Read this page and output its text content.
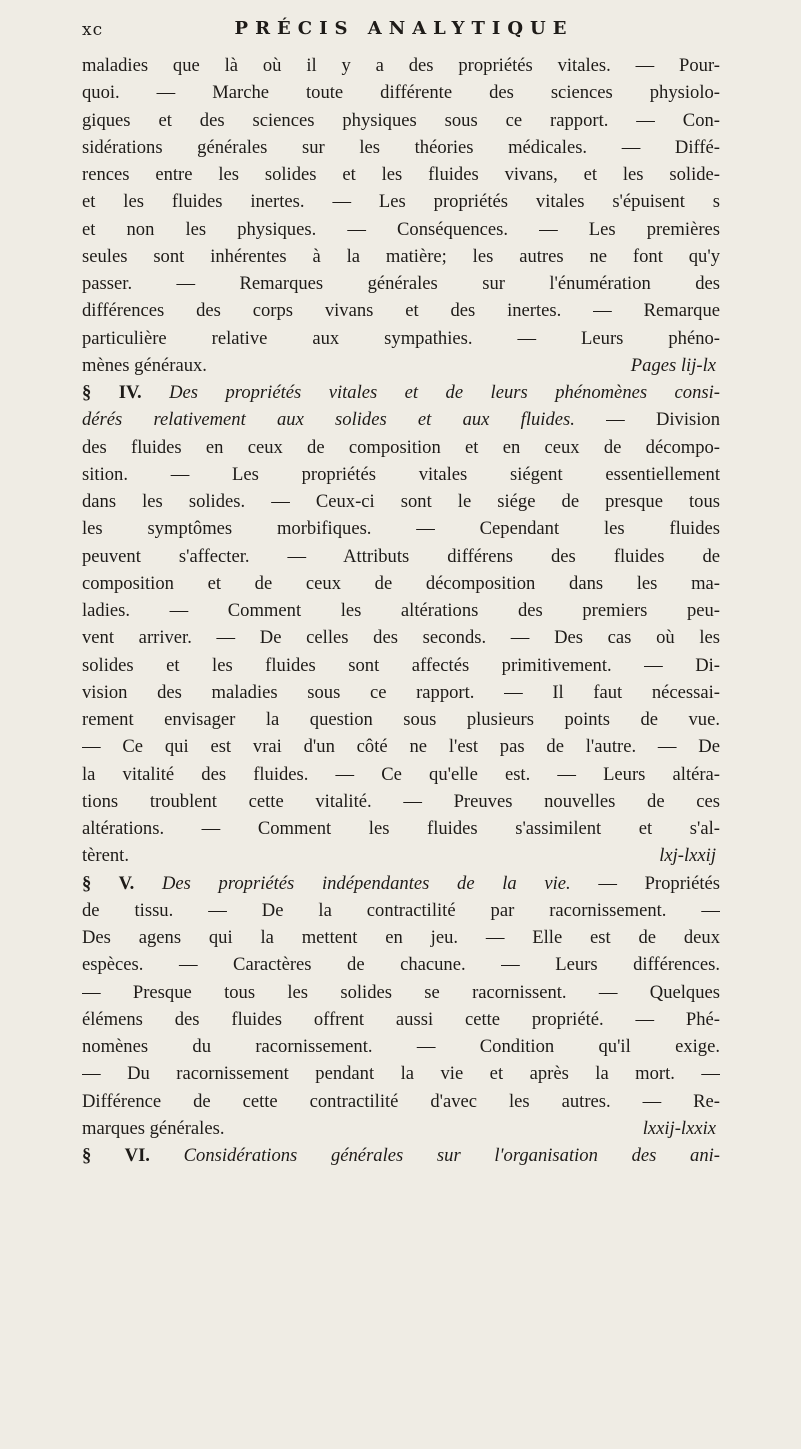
xc	PRÉCIS ANALYTIQUE
maladies que là où il y a des propriétés vitales. — Pour-
quoi. — Marche toute différente des sciences physiolo-
giques et des sciences physiques sous ce rapport. — Con-
sidérations générales sur les théories médicales. — Diffé-
rences entre les solides et les fluides vivans, et les solide-
et les fluides inertes. — Les propriétés vitales s'épuisent s
et non les physiques. — Conséquences. — Les premières
seules sont inhérentes à la matière; les autres ne font qu'y
passer. — Remarques générales sur l'énumération des
différences des corps vivans et des inertes. — Remarque
particulière relative aux sympathies. — Leurs phéno-
mènes généraux.	Pages lij-lx
§ IV. Des propriétés vitales et de leurs phénomènes consi-
dérés relativement aux solides et aux fluides. — Division
des fluides en ceux de composition et en ceux de décompo-
sition. — Les propriétés vitales siégent essentiellement
dans les solides. — Ceux-ci sont le siége de presque tous
les symptômes morbifiques. — Cependant les fluides
peuvent s'affecter. — Attributs différens des fluides de
composition et de ceux de décomposition dans les ma-
ladies. — Comment les altérations des premiers peu-
vent arriver. — De celles des seconds. — Des cas où les
solides et les fluides sont affectés primitivement. — Di-
vision des maladies sous ce rapport. — Il faut nécessai-
rement envisager la question sous plusieurs points de vue.
— Ce qui est vrai d'un côté ne l'est pas de l'autre. — De
la vitalité des fluides. — Ce qu'elle est. — Leurs altéra-
tions troublent cette vitalité. — Preuves nouvelles de ces
altérations. — Comment les fluides s'assimilent et s'al-
tèrent.	lxj-lxxij
§ V. Des propriétés indépendantes de la vie. — Propriétés
de tissu. — De la contractilité par racornissement. —
Des agens qui la mettent en jeu. — Elle est de deux
espèces. — Caractères de chacune. — Leurs différences.
— Presque tous les solides se racornissent. — Quelques
élémens des fluides offrent aussi cette propriété. — Phé-
nomènes du racornissement. — Condition qu'il exige.
— Du racornissement pendant la vie et après la mort. —
Différence de cette contractilité d'avec les autres. — Re-
marques générales.	lxxij-lxxix
§ VI. Considérations générales sur l'organisation des ani-
